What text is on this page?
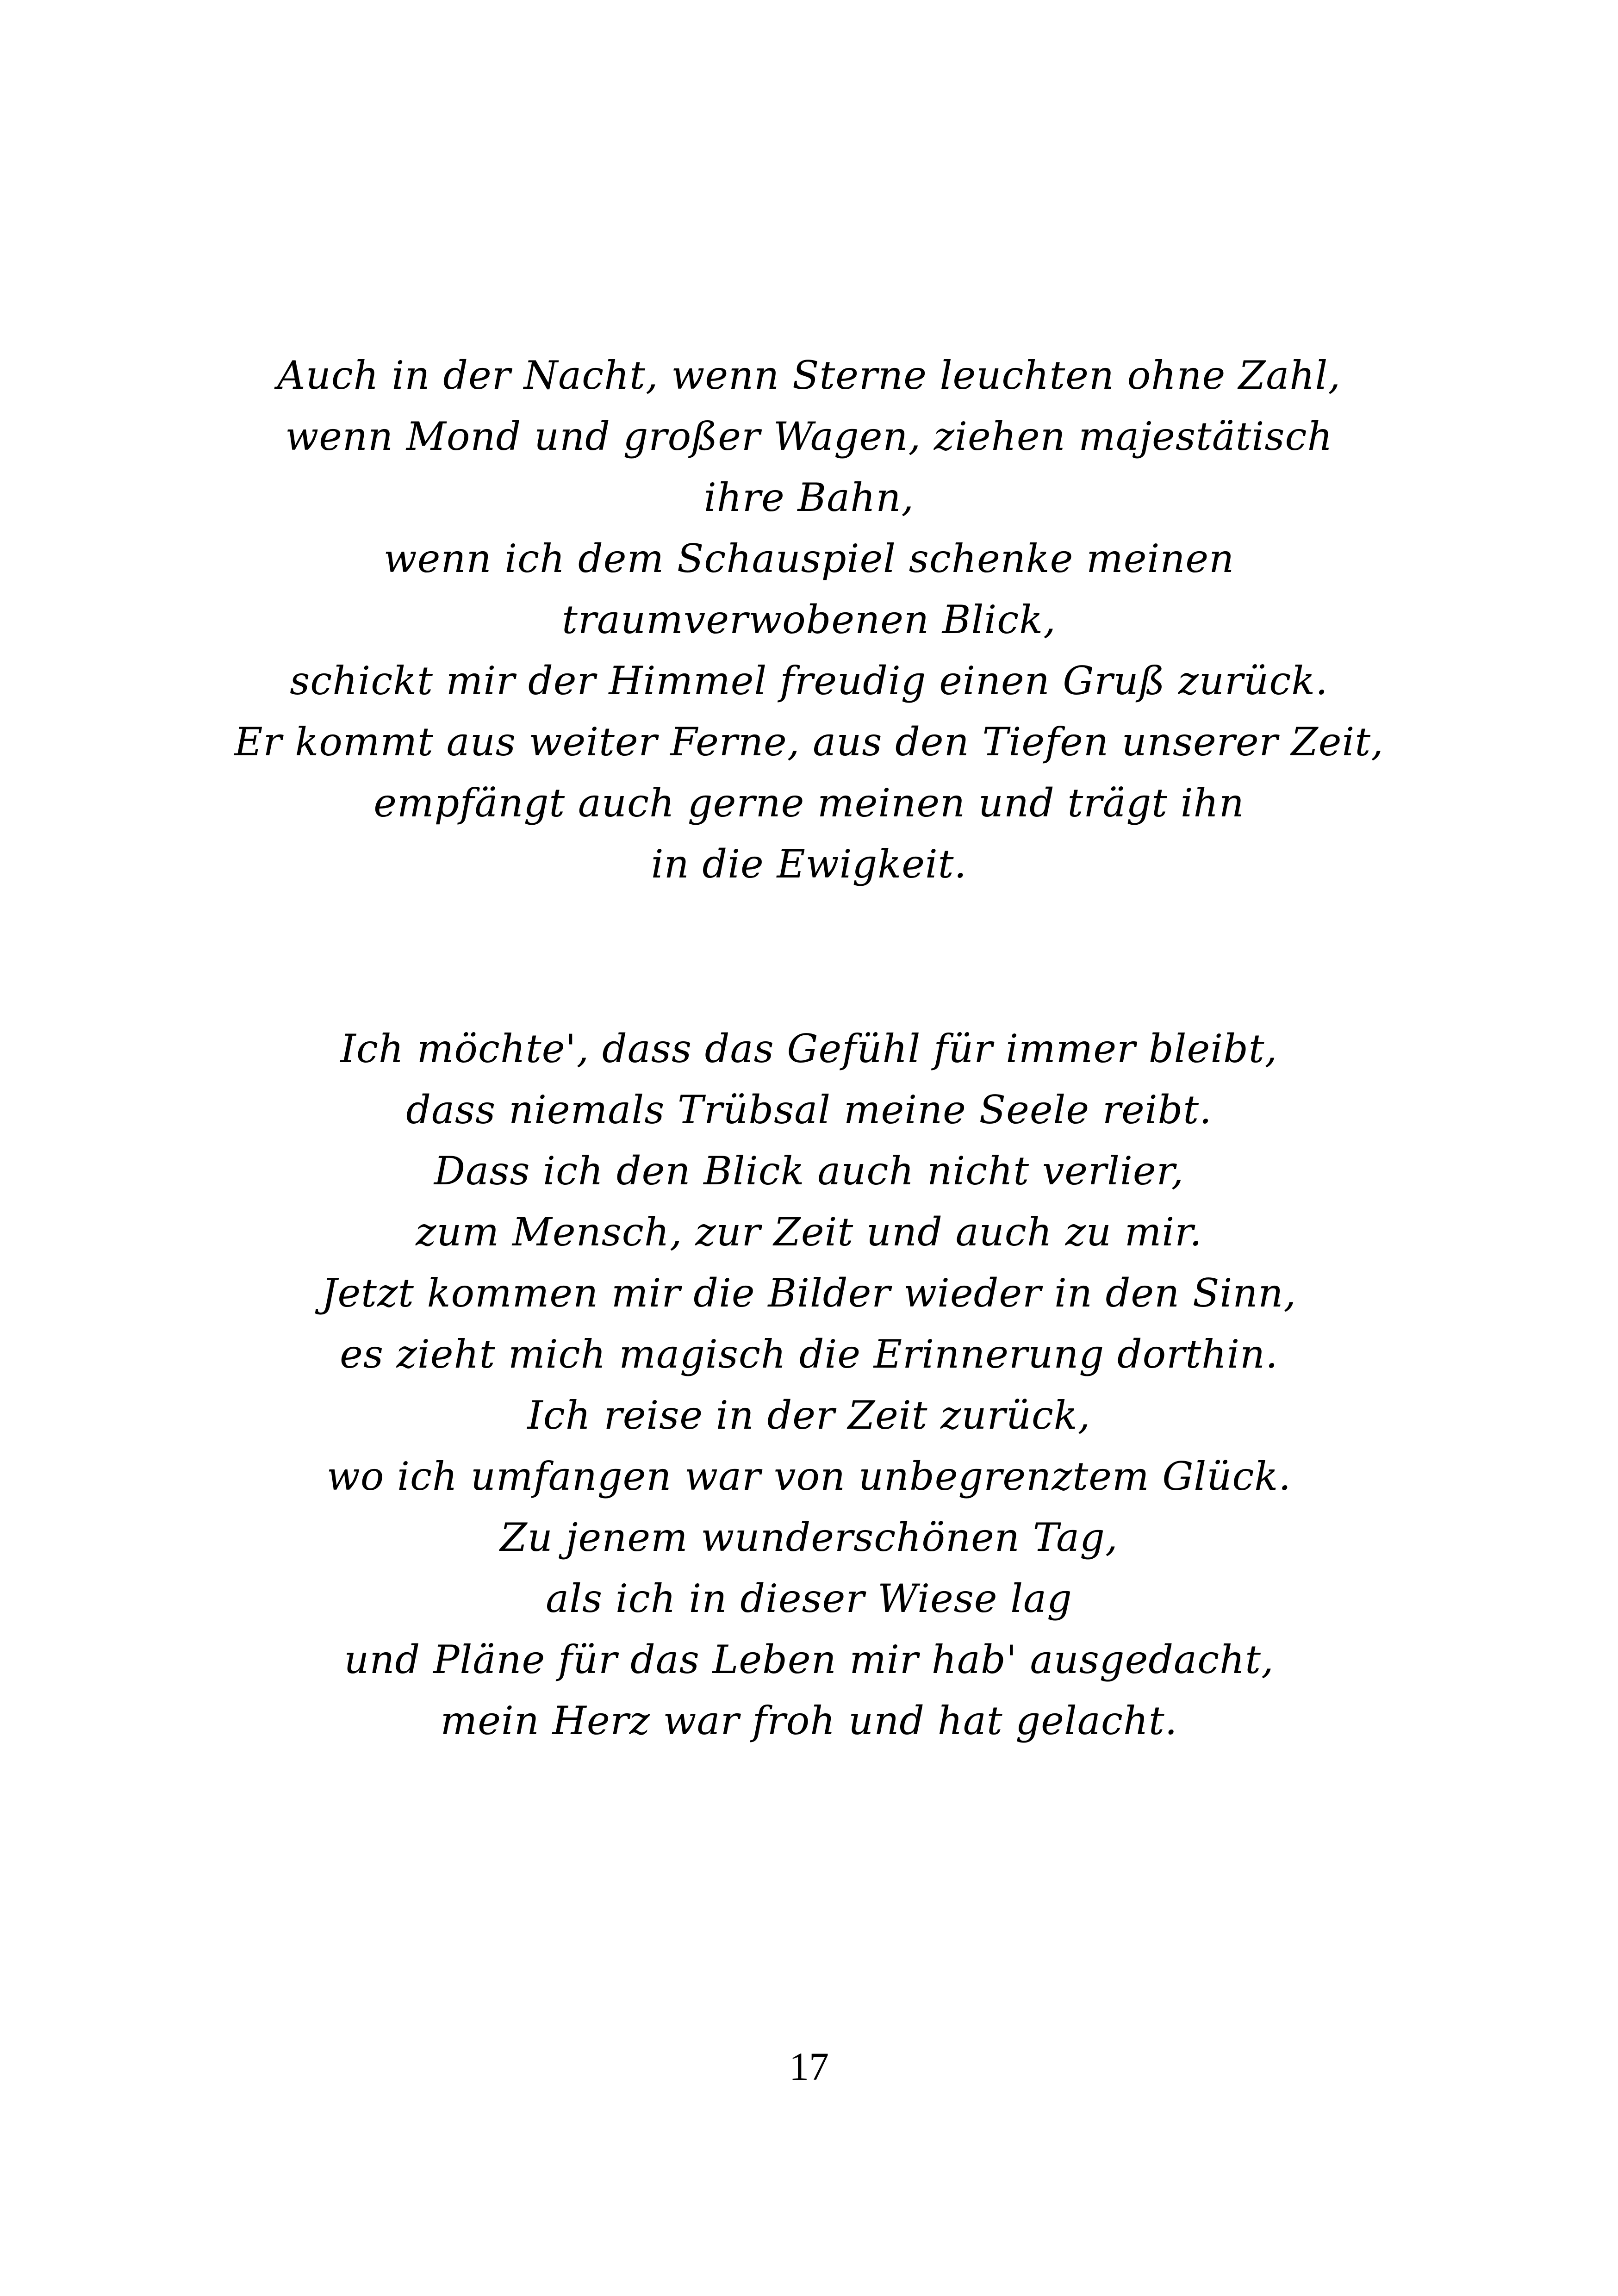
Auch in der Nacht, wenn Sterne leuchten ohne Zahl,
wenn Mond und großer Wagen, ziehen majestätisch
ihre Bahn,
wenn ich dem Schauspiel schenke meinen
traumverwobenen Blick,
schickt mir der Himmel freudig einen Gruß zurück.
Er kommt aus weiter Ferne, aus den Tiefen unserer Zeit,
empfängt auch gerne meinen und trägt ihn
in die Ewigkeit.
Ich möchte', dass das Gefühl für immer bleibt,
dass niemals Trübsal meine Seele reibt.
Dass ich den Blick auch nicht verlier,
zum Mensch, zur Zeit und auch zu mir.
Jetzt kommen mir die Bilder wieder in den Sinn,
es zieht mich magisch die Erinnerung dorthin.
Ich reise in der Zeit zurück,
wo ich umfangen war von unbegrenztem Glück.
Zu jenem wunderschönen Tag,
als ich in dieser Wiese lag
und Pläne für das Leben mir hab' ausgedacht,
mein Herz war froh und hat gelacht.
17
